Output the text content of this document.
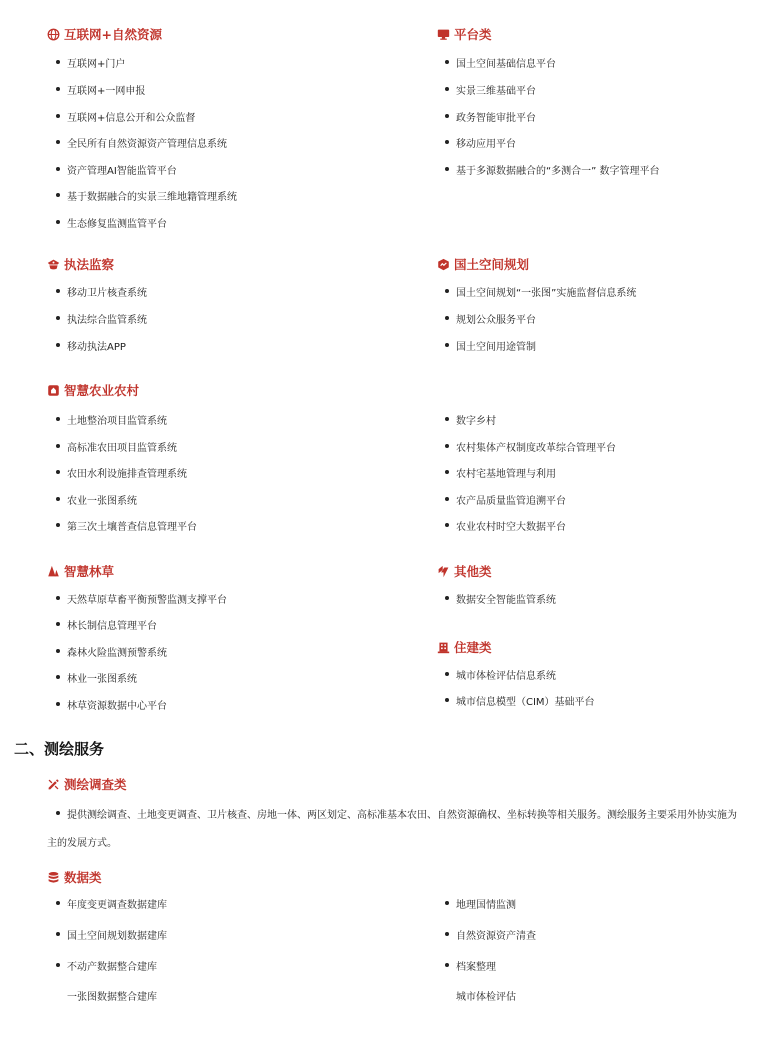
互联网+自然资源
互联网+门户
互联网+一网申报
互联网+信息公开和公众监督
全民所有自然资源资产管理信息系统
资产管理AI智能监管平台
基于数据融合的实景三维地籍管理系统
生态修复监测监管平台
平台类
国土空间基础信息平台
实景三维基础平台
政务智能审批平台
移动应用平台
基于多源数据融合的“多测合一” 数字管理平台
执法监察
移动卫片核查系统
执法综合监管系统
移动执法APP
国土空间规划
国土空间规划“一张图”实施监督信息系统
规划公众服务平台
国土空间用途管制
智慧农业农村
土地整治项目监管系统
高标准农田项目监管系统
农田水利设施排查管理系统
农业一张图系统
第三次土壤普查信息管理平台
数字乡村
农村集体产权制度改革综合管理平台
农村宅基地管理与利用
农产品质量监管追溯平台
农业农村时空大数据平台
智慧林草
天然草原草畜平衡预警监测支撑平台
林长制信息管理平台
森林火险监测预警系统
林业一张图系统
林草资源数据中心平台
其他类
数据安全智能监管系统
住建类
城市体检评估信息系统
城市信息模型（CIM）基础平台
二、测绘服务
测绘调查类
提供测绘调查、土地变更调查、卫片核查、房地一体、两区划定、高标准基本农田、自然资源确权、坐标转换等相关服务。测绘服务主要采用外协实施为
主的发展方式。
数据类
年度变更调查数据建库
国土空间规划数据建库
不动产数据整合建库
一张图数据整合建库
地理国情监测
自然资源资产清查
档案整理
城市体检评估
